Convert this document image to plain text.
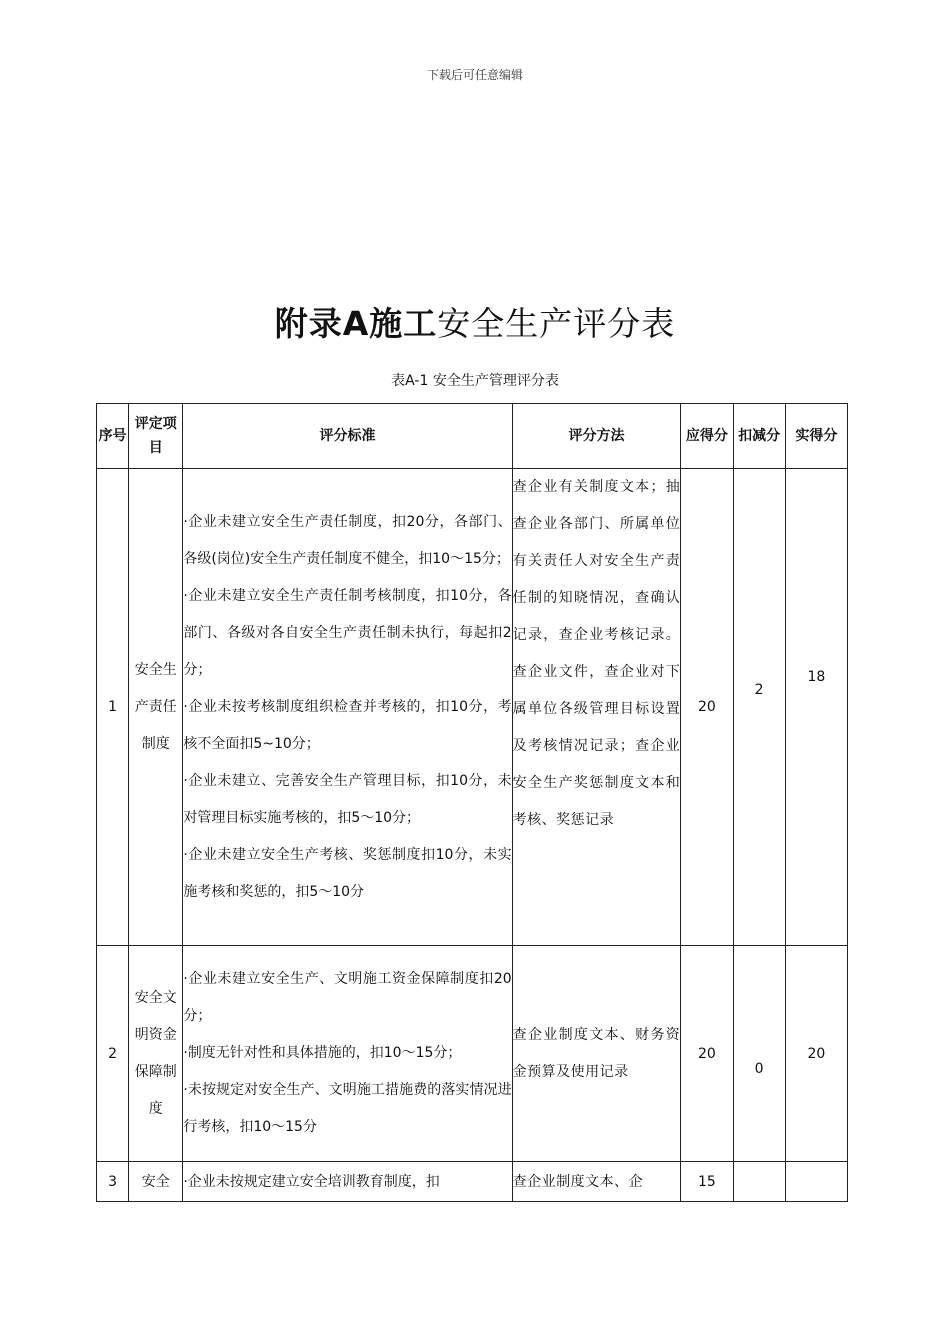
下载后可任意编辑
附录A施工安全生产评分表
表A-1 安全生产管理评分表
序号	评定项目	评分标准	评分方法	应得分	扣减分	实得分
1	安全生产责任制度	·企业未建立安全生产责任制度，扣20分，各部门、各级(岗位)安全生产责任制度不健全，扣10～15分；
·企业未建立安全生产责任制考核制度，扣10分，各部门、各级对各自安全生产责任制未执行，每起扣2分；
·企业未按考核制度组织检查并考核的，扣10分，考核不全面扣5~10分；
·企业未建立、完善安全生产管理目标，扣10分，未对管理目标实施考核的，扣5～10分；
·企业未建立安全生产考核、奖惩制度扣10分，未实施考核和奖惩的，扣5～10分	查企业有关制度文本；抽查企业各部门、所属单位有关责任人对安全生产责任制的知晓情况，查确认记录，查企业考核记录。查企业文件，查企业对下属单位各级管理目标设置及考核情况记录；查企业安全生产奖惩制度文本和考核、奖惩记录	20	2	18
2	安全文明资金保障制度	·企业未建立安全生产、文明施工资金保障制度扣20分；
·制度无针对性和具体措施的，扣10～15分；
·未按规定对安全生产、文明施工措施费的落实情况进行考核，扣10～15分	查企业制度文本、财务资金预算及使用记录	20	0	20
3	安全	·企业未按规定建立安全培训教育制度，扣	查企业制度文本、企	15		
